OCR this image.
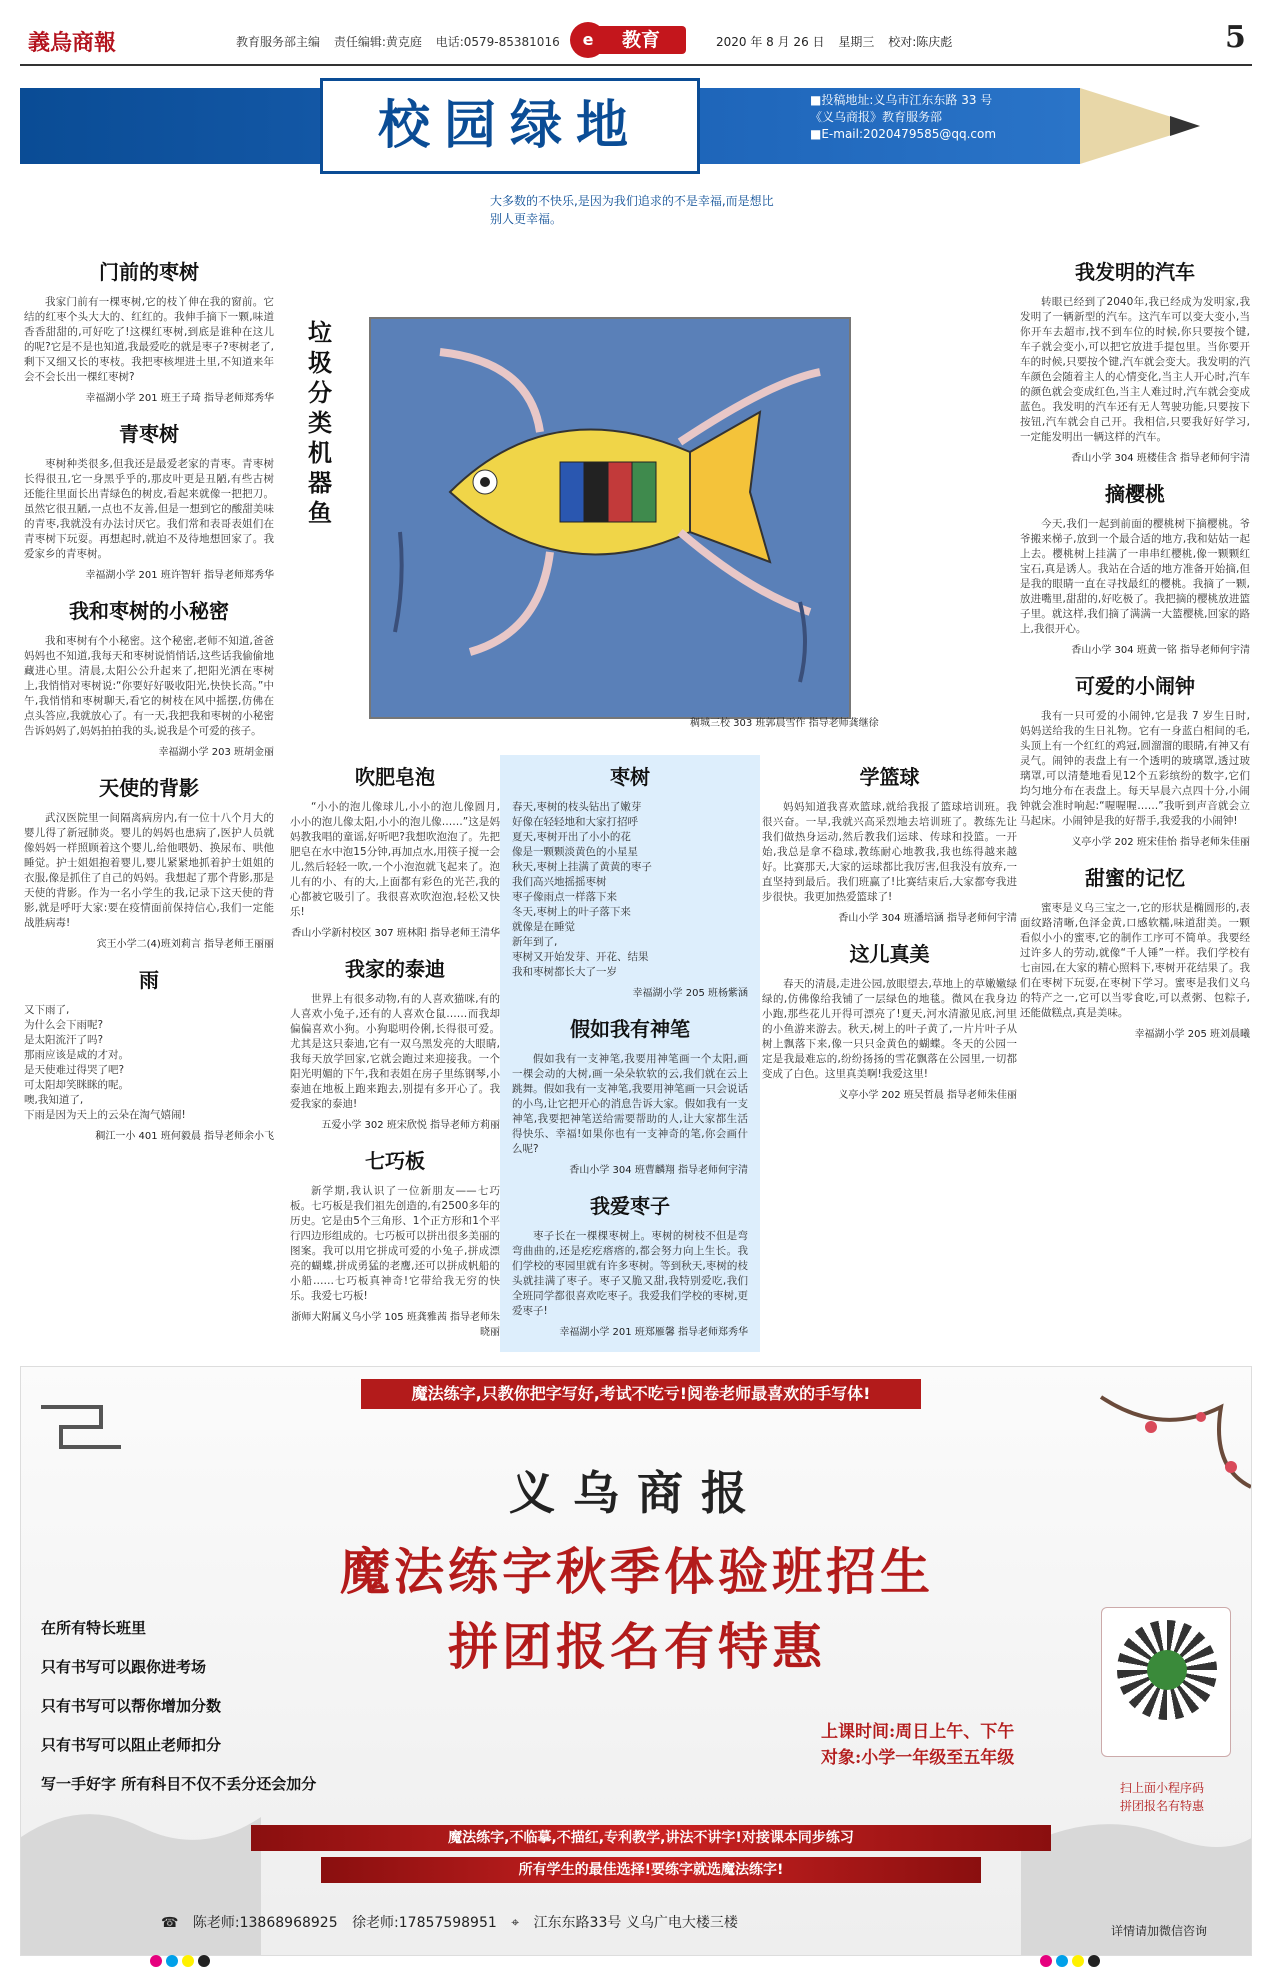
義烏商報	教育服务部主编 责任编辑:黄克庭 电话:0579-85381016	e	教育	2020 年 8 月 26 日 星期三 校对:陈庆彪	5
校园绿地	■投稿地址:义乌市江东东路 33 号
《义乌商报》教育服务部
■E-mail:2020479585@qq.com
大多数的不快乐,是因为我们追求的不是幸福,而是想比别人更幸福。
门前的枣树
我家门前有一棵枣树,它的枝丫伸在我的窗前。它结的红枣个头大大的、红红的。我伸手摘下一颗,味道香香甜甜的,可好吃了!这棵红枣树,到底是谁种在这儿的呢?它是不是也知道,我最爱吃的就是枣子?枣树老了,剩下又细又长的枣枝。我把枣核埋进土里,不知道来年会不会长出一棵红枣树?
幸福湖小学 201 班王子琦 指导老师郑秀华
青枣树
枣树种类很多,但我还是最爱老家的青枣。青枣树长得很丑,它一身黑乎乎的,那皮叶更是丑陋,有些古树还能往里面长出青绿色的树皮,看起来就像一把把刀。虽然它很丑陋,一点也不友善,但是一想到它的酸甜美味的青枣,我就没有办法讨厌它。我们常和表哥表姐们在青枣树下玩耍。再想起时,就迫不及待地想回家了。我爱家乡的青枣树。
幸福湖小学 201 班许智轩 指导老师郑秀华
我和枣树的小秘密
我和枣树有个小秘密。这个秘密,老师不知道,爸爸妈妈也不知道,我每天和枣树说悄悄话,这些话我偷偷地藏进心里。清晨,太阳公公升起来了,把阳光洒在枣树上,我悄悄对枣树说:“你要好好吸收阳光,快快长高。”中午,我悄悄和枣树聊天,看它的树枝在风中摇摆,仿佛在点头答应,我就放心了。有一天,我把我和枣树的小秘密告诉妈妈了,妈妈拍拍我的头,说我是个可爱的孩子。
幸福湖小学 203 班胡金丽
天使的背影
武汉医院里一间隔离病房内,有一位十八个月大的婴儿得了新冠肺炎。婴儿的妈妈也患病了,医护人员就像妈妈一样照顾着这个婴儿,给他喂奶、换尿布、哄他睡觉。护士姐姐抱着婴儿,婴儿紧紧地抓着护士姐姐的衣服,像是抓住了自己的妈妈。我想起了那个背影,那是天使的背影。作为一名小学生的我,记录下这天使的背影,就是呼吁大家:要在疫情面前保持信心,我们一定能战胜病毒!
宾王小学二(4)班刘莉言 指导老师王丽丽
雨
又下雨了,
为什么会下雨呢?
是太阳流汗了吗?
那雨应该是咸的才对。
是天使难过得哭了吧?
可太阳却笑眯眯的呢。
噢,我知道了,
下雨是因为天上的云朵在淘气嬉闹!
稠江一小 401 班何毅晨 指导老师余小飞
垃圾分类机器鱼
稠城三校 303 班郭晨雪作 指导老师龚继徐
吹肥皂泡
“小小的泡儿像球儿,小小的泡儿像圆月,小小的泡儿像太阳,小小的泡儿像……”这是妈妈教我唱的童谣,好听吧?我想吹泡泡了。先把肥皂在水中泡15分钟,再加点水,用筷子搅一会儿,然后轻轻一吹,一个小泡泡就飞起来了。泡儿有的小、有的大,上面都有彩色的光芒,我的心都被它吸引了。我很喜欢吹泡泡,轻松又快乐!
香山小学新村校区 307 班林阳 指导老师王清华
我家的泰迪
世界上有很多动物,有的人喜欢猫咪,有的人喜欢小兔子,还有的人喜欢仓鼠……而我却偏偏喜欢小狗。小狗聪明伶俐,长得很可爱。尤其是这只泰迪,它有一双乌黑发亮的大眼睛,我每天放学回家,它就会跑过来迎接我。一个阳光明媚的下午,我和表姐在房子里练钢琴,小泰迪在地板上跑来跑去,别提有多开心了。我爱我家的泰迪!
五爱小学 302 班宋欣悦 指导老师方莉丽
七巧板
新学期,我认识了一位新朋友——七巧板。七巧板是我们祖先创造的,有2500多年的历史。它是由5个三角形、1个正方形和1个平行四边形组成的。七巧板可以拼出很多美丽的图案。我可以用它拼成可爱的小兔子,拼成漂亮的蝴蝶,拼成勇猛的老鹰,还可以拼成帆船的小船……七巧板真神奇!它带给我无穷的快乐。我爱七巧板!
浙师大附属义乌小学 105 班龚雅茜 指导老师朱晓丽
枣树
春天,枣树的枝头钻出了嫩芽
好像在轻轻地和大家打招呼
夏天,枣树开出了小小的花
像是一颗颗淡黄色的小星星
秋天,枣树上挂满了黄黄的枣子
我们高兴地摇摇枣树
枣子像雨点一样落下来
冬天,枣树上的叶子落下来
就像是在睡觉
新年到了,
枣树又开始发芽、开花、结果
我和枣树都长大了一岁
幸福湖小学 205 班杨紫涵
假如我有神笔
假如我有一支神笔,我要用神笔画一个太阳,画一棵会动的大树,画一朵朵软软的云,我们就在云上跳舞。假如我有一支神笔,我要用神笔画一只会说话的小鸟,让它把开心的消息告诉大家。假如我有一支神笔,我要把神笔送给需要帮助的人,让大家都生活得快乐、幸福!如果你也有一支神奇的笔,你会画什么呢?
香山小学 304 班曹麟翔 指导老师何宇清
我爱枣子
枣子长在一棵棵枣树上。枣树的树枝不但是弯弯曲曲的,还是疙疙瘩瘩的,都会努力向上生长。我们学校的枣园里就有许多枣树。等到秋天,枣树的枝头就挂满了枣子。枣子又脆又甜,我特别爱吃,我们全班同学都很喜欢吃枣子。我爱我们学校的枣树,更爱枣子!
幸福湖小学 201 班郑雁馨 指导老师郑秀华
学篮球
妈妈知道我喜欢篮球,就给我报了篮球培训班。我很兴奋。一早,我就兴高采烈地去培训班了。教练先让我们做热身运动,然后教我们运球、传球和投篮。一开始,我总是拿不稳球,教练耐心地教我,我也练得越来越好。比赛那天,大家的运球都比我厉害,但我没有放弃,一直坚持到最后。我们班赢了!比赛结束后,大家都夸我进步很快。我更加热爱篮球了!
香山小学 304 班潘培涵 指导老师何宇清
这儿真美
春天的清晨,走进公园,放眼望去,草地上的草嫩嫩绿绿的,仿佛像给我铺了一层绿色的地毯。微风在我身边小跑,那些花儿开得可漂亮了!夏天,河水清澈见底,河里的小鱼游来游去。秋天,树上的叶子黄了,一片片叶子从树上飘落下来,像一只只金黄色的蝴蝶。冬天的公园一定是我最难忘的,纷纷扬扬的雪花飘落在公园里,一切都变成了白色。这里真美啊!我爱这里!
义亭小学 202 班吴哲晨 指导老师朱佳丽
我发明的汽车
转眼已经到了2040年,我已经成为发明家,我发明了一辆新型的汽车。这汽车可以变大变小,当你开车去超市,找不到车位的时候,你只要按个键,车子就会变小,可以把它放进手提包里。当你要开车的时候,只要按个键,汽车就会变大。我发明的汽车颜色会随着主人的心情变化,当主人开心时,汽车的颜色就会变成红色,当主人难过时,汽车就会变成蓝色。我发明的汽车还有无人驾驶功能,只要按下按钮,汽车就会自己开。我相信,只要我好好学习,一定能发明出一辆这样的汽车。
香山小学 304 班楼佳含 指导老师何宇清
摘樱桃
今天,我们一起到前面的樱桃树下摘樱桃。爷爷搬来梯子,放到一个最合适的地方,我和姑姑一起上去。樱桃树上挂满了一串串红樱桃,像一颗颗红宝石,真是诱人。我站在合适的地方准备开始摘,但是我的眼睛一直在寻找最红的樱桃。我摘了一颗,放进嘴里,甜甜的,好吃极了。我把摘的樱桃放进篮子里。就这样,我们摘了满满一大篮樱桃,回家的路上,我很开心。
香山小学 304 班黄一铭 指导老师何宇清
可爱的小闹钟
我有一只可爱的小闹钟,它是我 7 岁生日时,妈妈送给我的生日礼物。它有一身蓝白相间的毛,头顶上有一个红红的鸡冠,圆溜溜的眼睛,有神又有灵气。闹钟的表盘上有一个透明的玻璃罩,透过玻璃罩,可以清楚地看见12个五彩缤纷的数字,它们均匀地分布在表盘上。每天早晨六点四十分,小闹钟就会准时响起:“喔喔喔……”我听到声音就会立马起床。小闹钟是我的好帮手,我爱我的小闹钟!
义亭小学 202 班宋佳怡 指导老师朱佳丽
甜蜜的记忆
蜜枣是义乌三宝之一,它的形状是椭圆形的,表面纹路清晰,色泽金黄,口感软糯,味道甜美。一颗看似小小的蜜枣,它的制作工序可不简单。我要经过许多人的劳动,就像“千人锤”一样。我们学校有七亩园,在大家的精心照料下,枣树开花结果了。我们在枣树下玩耍,在枣树下学习。蜜枣是我们义乌的特产之一,它可以当零食吃,可以煮粥、包粽子,还能做糕点,真是美味。
幸福湖小学 205 班刘晨曦
魔法练字,只教你把字写好,考试不吃亏!阅卷老师最喜欢的手写体!
义乌商报
魔法练字秋季体验班招生
拼团报名有特惠
在所有特长班里
只有书写可以跟你进考场
只有书写可以帮你增加分数
只有书写可以阻止老师扣分
写一手好字 所有科目不仅不丢分还会加分
上课时间:周日上午、下午
对象:小学一年级至五年级
扫上面小程序码
拼团报名有特惠
魔法练字,不临摹,不描红,专利教学,讲法不讲字!对接课本同步练习
所有学生的最佳选择!要练字就选魔法练字!
☎ 陈老师:13868968925 徐老师:17857598951 ⌖ 江东东路33号 义乌广电大楼三楼	详情请加微信咨询
